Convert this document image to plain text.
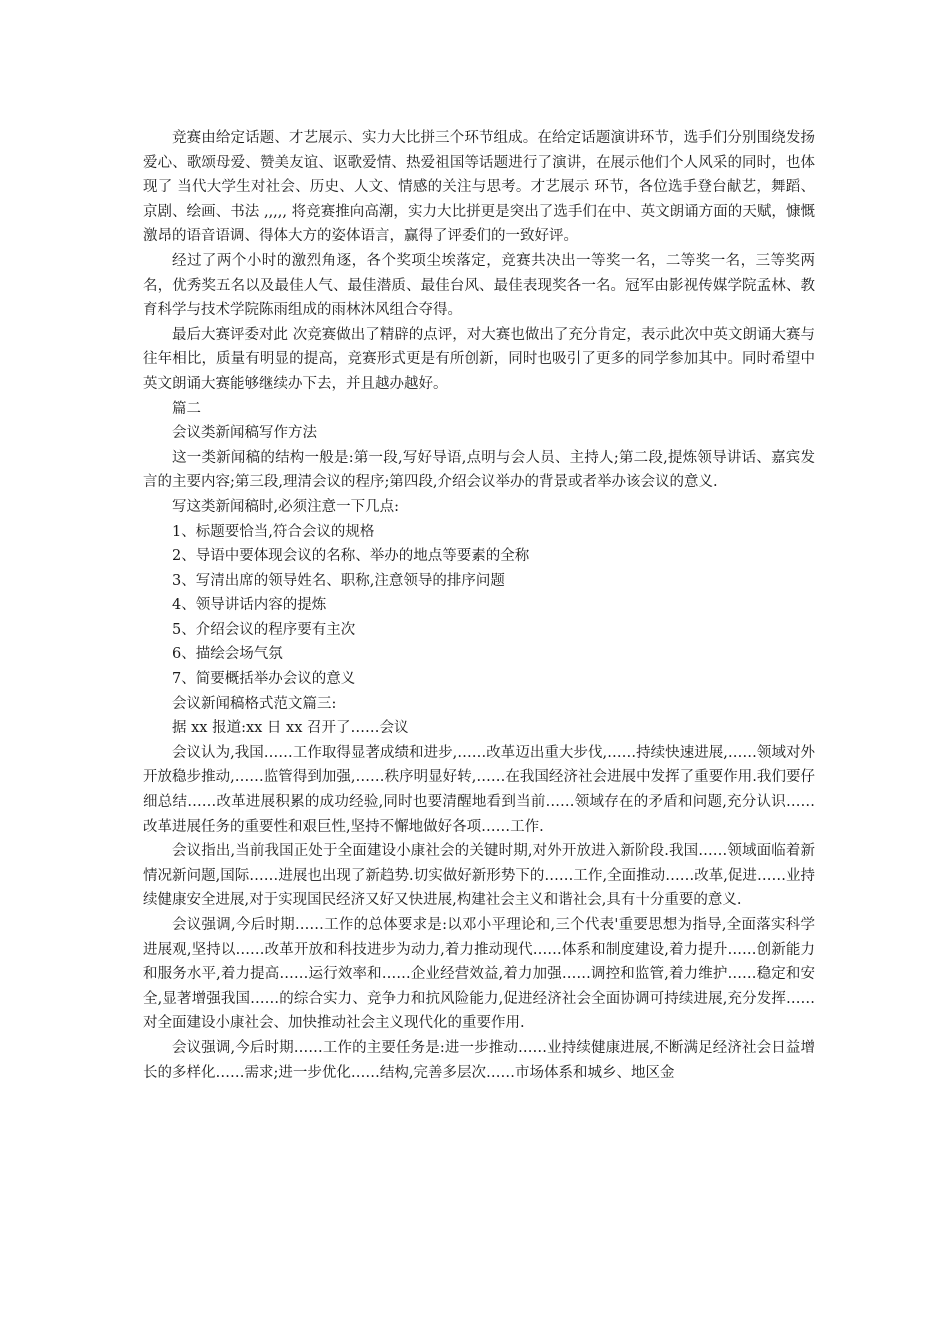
竞赛由给定话题、才艺展示、实力大比拼三个环节组成。在给定话题演讲环节，选手们分别围绕发扬爱心、歌颂母爱、赞美友谊、讴歌爱情、热爱祖国等话题进行了演讲，在展示他们个人风采的同时，也体现了 当代大学生对社会、历史、人文、情感的关注与思考。才艺展示 环节，各位选手登台献艺，舞蹈、京剧、绘画、书法 ,,,,, 将竞赛推向高潮，实力大比拼更是突出了选手们在中、英文朗诵方面的天赋，慷慨激昂的语音语调、得体大方的姿体语言，赢得了评委们的一致好评。

经过了两个小时的激烈角逐，各个奖项尘埃落定，竞赛共决出一等奖一名，二等奖一名，三等奖两名，优秀奖五名以及最佳人气、最佳潜质、最佳台风、最佳表现奖各一名。冠军由影视传媒学院孟林、教育科学与技术学院陈雨组成的雨林沐风组合夺得。

最后大赛评委对此 次竞赛做出了精辟的点评，对大赛也做出了充分肯定，表示此次中英文朗诵大赛与往年相比，质量有明显的提高，竞赛形式更是有所创新，同时也吸引了更多的同学参加其中。同时希望中英文朗诵大赛能够继续办下去，并且越办越好。

篇二

会议类新闻稿写作方法

这一类新闻稿的结构一般是:第一段,写好导语,点明与会人员、主持人;第二段,提炼领导讲话、嘉宾发言的主要内容;第三段,理清会议的程序;第四段,介绍会议举办的背景或者举办该会议的意义.

写这类新闻稿时,必须注意一下几点:

1、标题要恰当,符合会议的规格

2、导语中要体现会议的名称、举办的地点等要素的全称

3、写清出席的领导姓名、职称,注意领导的排序问题

4、领导讲话内容的提炼

5、介绍会议的程序要有主次

6、描绘会场气氛

7、简要概括举办会议的意义

会议新闻稿格式范文篇三:

据 xx 报道:xx 日 xx 召开了……会议

会议认为,我国……工作取得显著成绩和进步,……改革迈出重大步伐,……持续快速进展,……领域对外开放稳步推动,……监管得到加强,……秩序明显好转,……在我国经济社会进展中发挥了重要作用.我们要仔细总结……改革进展积累的成功经验,同时也要清醒地看到当前……领域存在的矛盾和问题,充分认识……改革进展任务的重要性和艰巨性,坚持不懈地做好各项……工作.

会议指出,当前我国正处于全面建设小康社会的关键时期,对外开放进入新阶段.我国……领域面临着新情况新问题,国际……进展也出现了新趋势.切实做好新形势下的……工作,全面推动……改革,促进……业持续健康安全进展,对于实现国民经济又好又快进展,构建社会主义和谐社会,具有十分重要的意义.

会议强调,今后时期……工作的总体要求是:以邓小平理论和,三个代表'重要思想为指导,全面落实科学进展观,坚持以……改革开放和科技进步为动力,着力推动现代……体系和制度建设,着力提升……创新能力和服务水平,着力提高……运行效率和……企业经营效益,着力加强……调控和监管,着力维护……稳定和安全,显著增强我国……的综合实力、竞争力和抗风险能力,促进经济社会全面协调可持续进展,充分发挥……对全面建设小康社会、加快推动社会主义现代化的重要作用.

会议强调,今后时期……工作的主要任务是:进一步推动……业持续健康进展,不断满足经济社会日益增长的多样化……需求;进一步优化……结构,完善多层次……市场体系和城乡、地区金
